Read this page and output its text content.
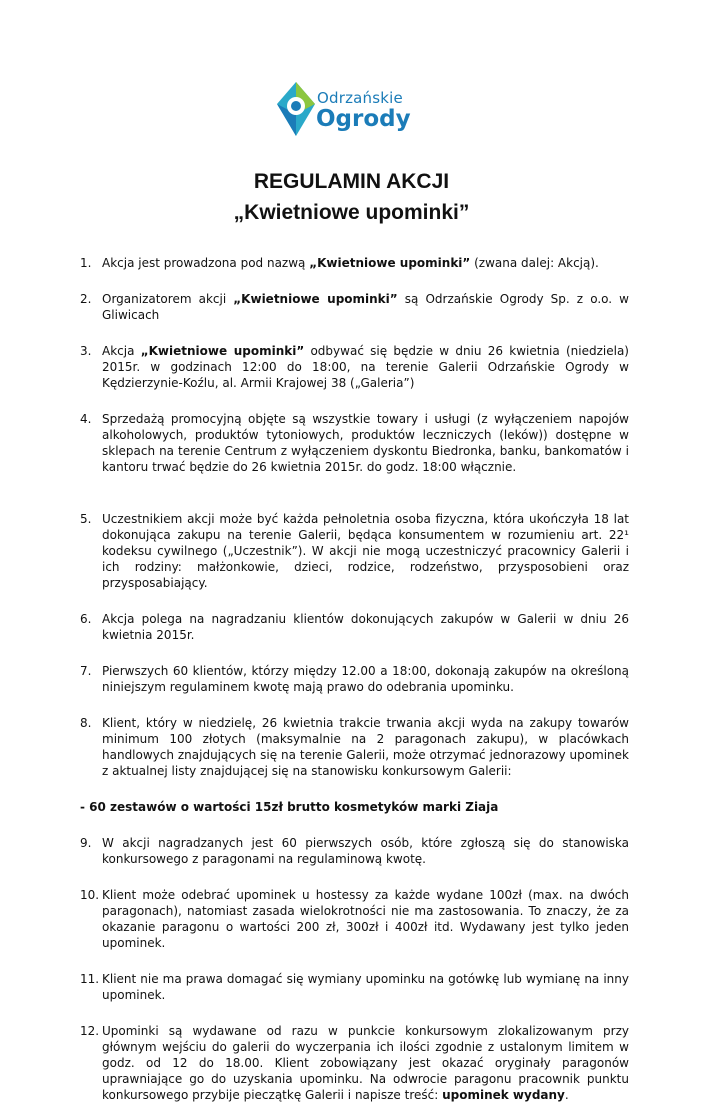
Odrzańskie
Ogrody
REGULAMIN AKCJI
„Kwietniowe upominki”
1. Akcja jest prowadzona pod nazwą „Kwietniowe upominki” (zwana dalej: Akcją).
2. Organizatorem akcji „Kwietniowe upominki” są Odrzańskie Ogrody Sp. z o.o. w Gliwicach
3. Akcja „Kwietniowe upominki” odbywać się będzie w dniu 26 kwietnia (niedziela) 2015r. w godzinach 12:00 do 18:00, na terenie Galerii Odrzańskie Ogrody w Kędzierzynie-Koźlu, al. Armii Krajowej 38 („Galeria”)
4. Sprzedażą promocyjną objęte są wszystkie towary i usługi (z wyłączeniem napojów alkoholowych, produktów tytoniowych, produktów leczniczych (leków)) dostępne w sklepach na terenie Centrum z wyłączeniem dyskontu Biedronka, banku, bankomatów i kantoru trwać będzie do 26 kwietnia 2015r. do godz. 18:00 włącznie.
5. Uczestnikiem akcji może być każda pełnoletnia osoba fizyczna, która ukończyła 18 lat dokonująca zakupu na terenie Galerii, będąca konsumentem w rozumieniu art. 22¹ kodeksu cywilnego („Uczestnik”). W akcji nie mogą uczestniczyć pracownicy Galerii i ich rodziny: małżonkowie, dzieci, rodzice, rodzeństwo, przysposobieni oraz przysposabiający.
6. Akcja polega na nagradzaniu klientów dokonujących zakupów w Galerii w dniu 26 kwietnia 2015r.
7. Pierwszych 60 klientów, którzy między 12.00 a 18:00, dokonają zakupów na określoną niniejszym regulaminem kwotę mają prawo do odebrania upominku.
8. Klient, który w niedzielę, 26 kwietnia trakcie trwania akcji wyda na zakupy towarów minimum 100 złotych (maksymalnie na 2 paragonach zakupu), w placówkach handlowych znajdujących się na terenie Galerii, może otrzymać jednorazowy upominek z aktualnej listy znajdującej się na stanowisku konkursowym Galerii:
- 60 zestawów o wartości 15zł brutto kosmetyków marki Ziaja
9. W akcji nagradzanych jest 60 pierwszych osób, które zgłoszą się do stanowiska konkursowego z paragonami na regulaminową kwotę.
10. Klient może odebrać upominek u hostessy za każde wydane 100zł (max. na dwóch paragonach), natomiast zasada wielokrotności nie ma zastosowania. To znaczy, że za okazanie paragonu o wartości 200 zł, 300zł i 400zł itd. Wydawany jest tylko jeden upominek.
11. Klient nie ma prawa domagać się wymiany upominku na gotówkę lub wymianę na inny upominek.
12. Upominki są wydawane od razu w punkcie konkursowym zlokalizowanym przy głównym wejściu do galerii do wyczerpania ich ilości zgodnie z ustalonym limitem w godz. od 12 do 18.00. Klient zobowiązany jest okazać oryginały paragonów uprawniające go do uzyskania upominku. Na odwrocie paragonu pracownik punktu konkursowego przybije pieczątkę Galerii i napisze treść: upominek wydany.
